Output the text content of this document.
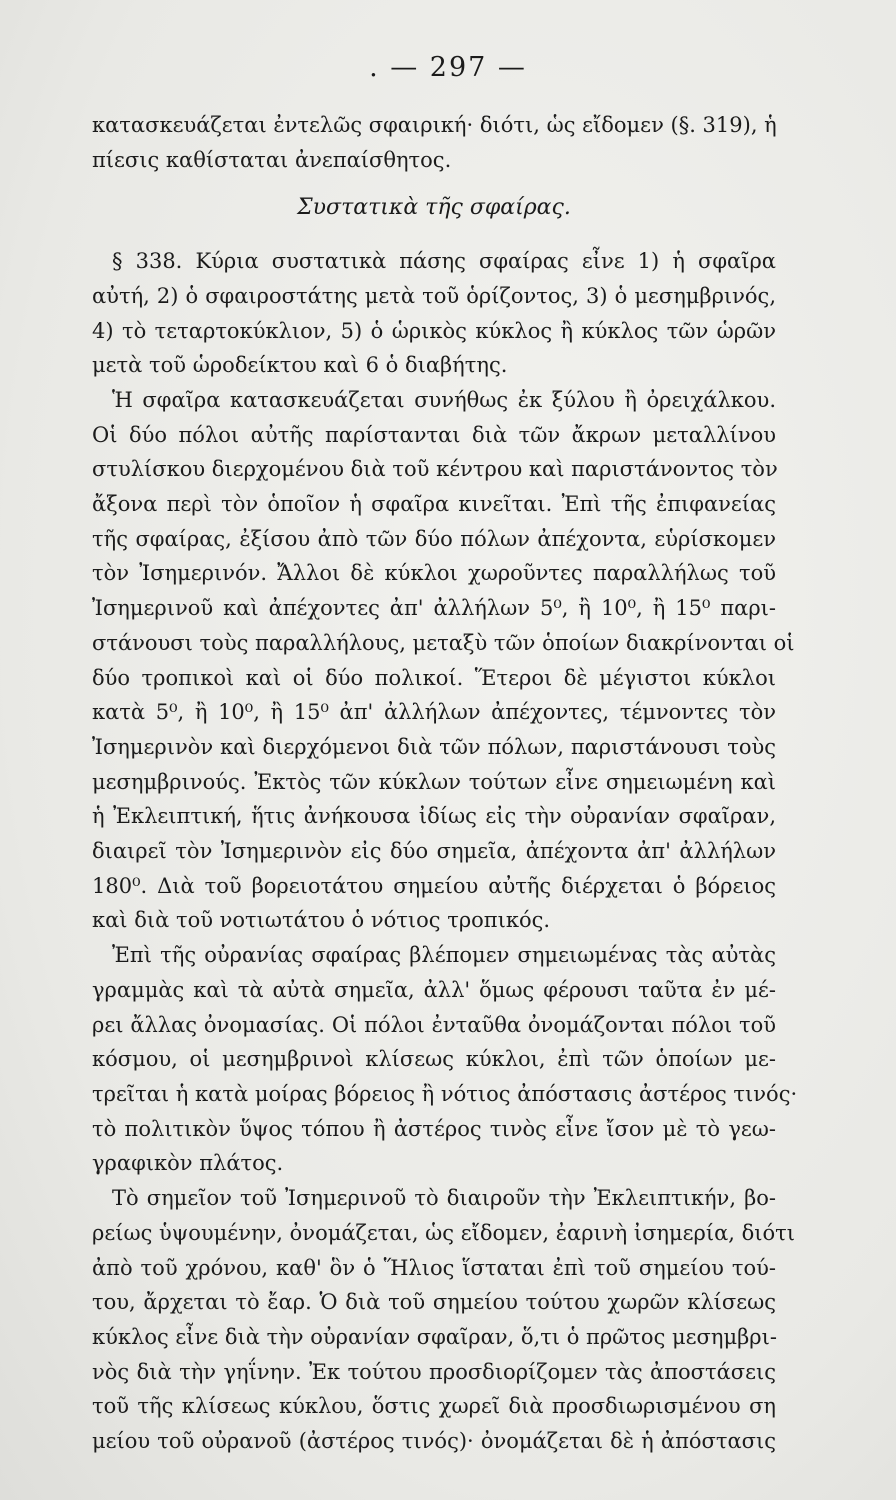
. — 297 —
κατασκευάζεται ἐντελῶς σφαιρική· διότι, ὡς εἴδομεν (§. 319), ἡ
πίεσις καθίσταται ἀνεπαίσθητος.
Συστατικὰ τῆς σφαίρας.
§ 338. Κύρια συστατικὰ πάσης σφαίρας εἶνε 1) ἡ σφαῖρα
αὐτή, 2) ὁ σφαιροστάτης μετὰ τοῦ ὁρίζοντος, 3) ὁ μεσημβρινός,
4) τὸ τεταρτοκύκλιον, 5) ὁ ὡρικὸς κύκλος ἢ κύκλος τῶν ὡρῶν
μετὰ τοῦ ὡροδείκτου καὶ 6 ὁ διαβήτης.
Ἡ σφαῖρα κατασκευάζεται συνήθως ἐκ ξύλου ἢ ὀρειχάλκου.
Οἱ δύο πόλοι αὐτῆς παρίστανται διὰ τῶν ἄκρων μεταλλίνου
στυλίσκου διερχομένου διὰ τοῦ κέντρου καὶ παριστάνοντος τὸν
ἄξονα περὶ τὸν ὁποῖον ἡ σφαῖρα κινεῖται. Ἐπὶ τῆς ἐπιφανείας
τῆς σφαίρας, ἐξίσου ἀπὸ τῶν δύο πόλων ἀπέχοντα, εὑρίσκομεν
τὸν Ἰσημερινόν. Ἄλλοι δὲ κύκλοι χωροῦντες παραλλήλως τοῦ
Ἰσημερινοῦ καὶ ἀπέχοντες ἀπ' ἀλλήλων 5⁰, ἢ 10⁰, ἢ 15⁰ παρι-
στάνουσι τοὺς παραλλήλους, μεταξὺ τῶν ὁποίων διακρίνονται οἱ
δύο τροπικοὶ καὶ οἱ δύο πολικοί. Ἕτεροι δὲ μέγιστοι κύκλοι
κατὰ 5⁰, ἢ 10⁰, ἢ 15⁰ ἀπ' ἀλλήλων ἀπέχοντες, τέμνοντες τὸν
Ἰσημερινὸν καὶ διερχόμενοι διὰ τῶν πόλων, παριστάνουσι τοὺς
μεσημβρινούς. Ἐκτὸς τῶν κύκλων τούτων εἶνε σημειωμένη καὶ
ἡ Ἐκλειπτική, ἥτις ἀνήκουσα ἰδίως εἰς τὴν οὐρανίαν σφαῖραν,
διαιρεῖ τὸν Ἰσημερινὸν εἰς δύο σημεῖα, ἀπέχοντα ἀπ' ἀλλήλων
180⁰. Διὰ τοῦ βορειοτάτου σημείου αὐτῆς διέρχεται ὁ βόρειος
καὶ διὰ τοῦ νοτιωτάτου ὁ νότιος τροπικός.
Ἐπὶ τῆς οὐρανίας σφαίρας βλέπομεν σημειωμένας τὰς αὐτὰς
γραμμὰς καὶ τὰ αὐτὰ σημεῖα, ἀλλ' ὅμως φέρουσι ταῦτα ἐν μέ-
ρει ἄλλας ὀνομασίας. Οἱ πόλοι ἐνταῦθα ὀνομάζονται πόλοι τοῦ
κόσμου, οἱ μεσημβρινοὶ κλίσεως κύκλοι, ἐπὶ τῶν ὁποίων με-
τρεῖται ἡ κατὰ μοίρας βόρειος ἢ νότιος ἀπόστασις ἀστέρος τινός·
τὸ πολιτικὸν ὕψος τόπου ἢ ἀστέρος τινὸς εἶνε ἴσον μὲ τὸ γεω-
γραφικὸν πλάτος.
Τὸ σημεῖον τοῦ Ἰσημερινοῦ τὸ διαιροῦν τὴν Ἐκλειπτικήν, βο-
ρείως ὑψουμένην, ὀνομάζεται, ὡς εἴδομεν, ἐαρινὴ ἰσημερία, διότι
ἀπὸ τοῦ χρόνου, καθ' ὃν ὁ Ἥλιος ἵσταται ἐπὶ τοῦ σημείου τού-
του, ἄρχεται τὸ ἔαρ. Ὁ διὰ τοῦ σημείου τούτου χωρῶν κλίσεως
κύκλος εἶνε διὰ τὴν οὐρανίαν σφαῖραν, ὅ,τι ὁ πρῶτος μεσημβρι-
νὸς διὰ τὴν γηΐνην. Ἐκ τούτου προσδιορίζομεν τὰς ἀποστάσεις
τοῦ τῆς κλίσεως κύκλου, ὅστις χωρεῖ διὰ προσδιωρισμένου ση
μείου τοῦ οὐρανοῦ (ἀστέρος τινός)· ὀνομάζεται δὲ ἡ ἀπόστασις
